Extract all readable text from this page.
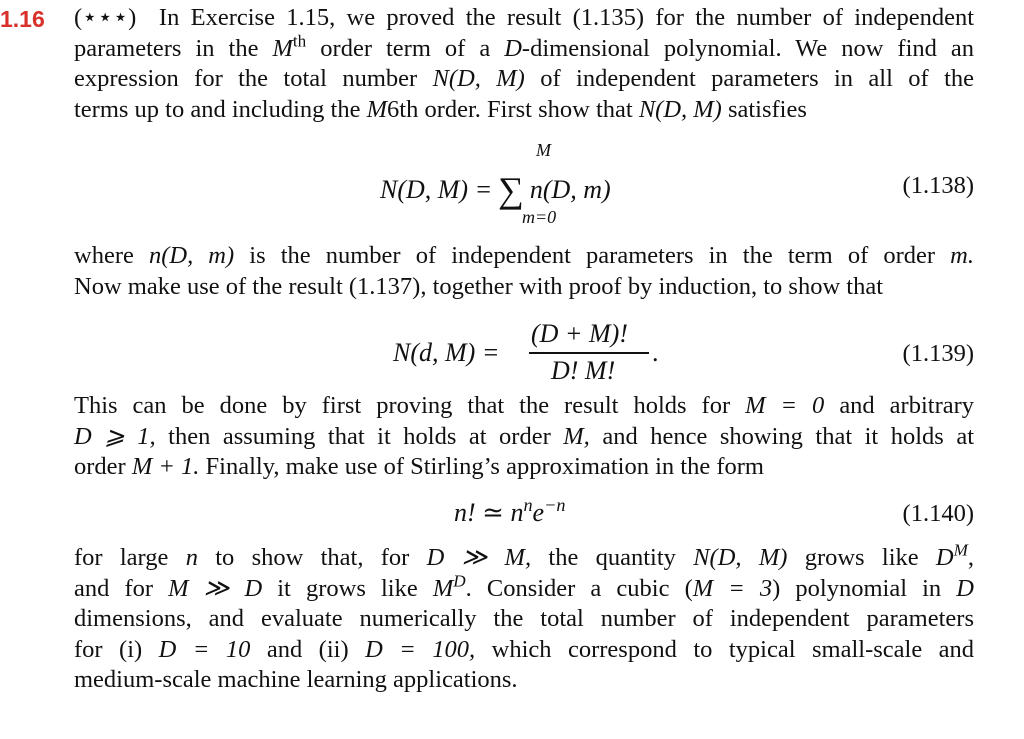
1.16 (⋆⋆⋆) In Exercise 1.15, we proved the result (1.135) for the number of independent
parameters in the Mth order term of a D-dimensional polynomial. We now find an
expression for the total number N(D, M) of independent parameters in all of the
terms up to and including the M6th order. First show that N(D, M) satisfies
M
N(D, M) = ∑ n(D, m)
m=0
(1.138)
where n(D, m) is the number of independent parameters in the term of order m.
Now make use of the result (1.137), together with proof by induction, to show that
N(d, M) =
(D + M)!
D! M!
.	(1.139)
This can be done by first proving that the result holds for M = 0 and arbitrary
D ⩾ 1, then assuming that it holds at order M, and hence showing that it holds at
order M + 1. Finally, make use of Stirling’s approximation in the form
n! ≃ $n^ne^{-n}$	(1.140)
for large n to show that, for D ≫ M, the quantity N(D, M) grows like $D^M$,
and for M ≫ D it grows like $M^D$. Consider a cubic (M = 3) polynomial in D
dimensions, and evaluate numerically the total number of independent parameters
for (i) D = 10 and (ii) D = 100, which correspond to typical small-scale and
medium-scale machine learning applications.
